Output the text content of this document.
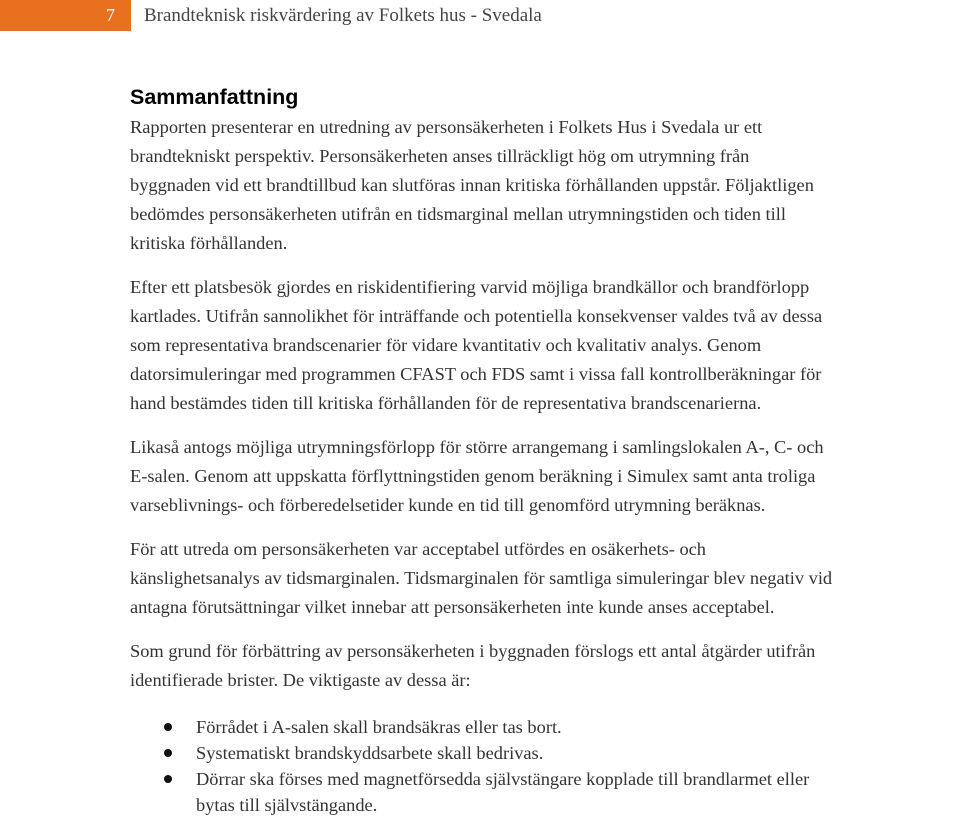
7	Brandteknisk riskvärdering av Folkets hus - Svedala
Sammanfattning

Rapporten presenterar en utredning av personsäkerheten i Folkets Hus i Svedala ur ett
brandtekniskt perspektiv. Personsäkerheten anses tillräckligt hög om utrymning från
byggnaden vid ett brandtillbud kan slutföras innan kritiska förhållanden uppstår. Följaktligen
bedömdes personsäkerheten utifrån en tidsmarginal mellan utrymningstiden och tiden till
kritiska förhållanden.

Efter ett platsbesök gjordes en riskidentifiering varvid möjliga brandkällor och brandförlopp
kartlades. Utifrån sannolikhet för inträffande och potentiella konsekvenser valdes två av dessa
som representativa brandscenarier för vidare kvantitativ och kvalitativ analys. Genom
datorsimuleringar med programmen CFAST och FDS samt i vissa fall kontrollberäkningar för
hand bestämdes tiden till kritiska förhållanden för de representativa brandscenarierna.

Likaså antogs möjliga utrymningsförlopp för större arrangemang i samlingslokalen A-, C- och
E-salen. Genom att uppskatta förflyttningstiden genom beräkning i Simulex samt anta troliga
varseblivnings- och förberedelsetider kunde en tid till genomförd utrymning beräknas.

För att utreda om personsäkerheten var acceptabel utfördes en osäkerhets- och
känslighetsanalys av tidsmarginalen. Tidsmarginalen för samtliga simuleringar blev negativ vid
antagna förutsättningar vilket innebar att personsäkerheten inte kunde anses acceptabel.

Som grund för förbättring av personsäkerheten i byggnaden förslogs ett antal åtgärder utifrån
identifierade brister. De viktigaste av dessa är:

Förrådet i A-salen skall brandsäkras eller tas bort.
Systematiskt brandskyddsarbete skall bedrivas.
Dörrar ska förses med magnetförsedda självstängare kopplade till brandlarmet eller
bytas till självstängande.
